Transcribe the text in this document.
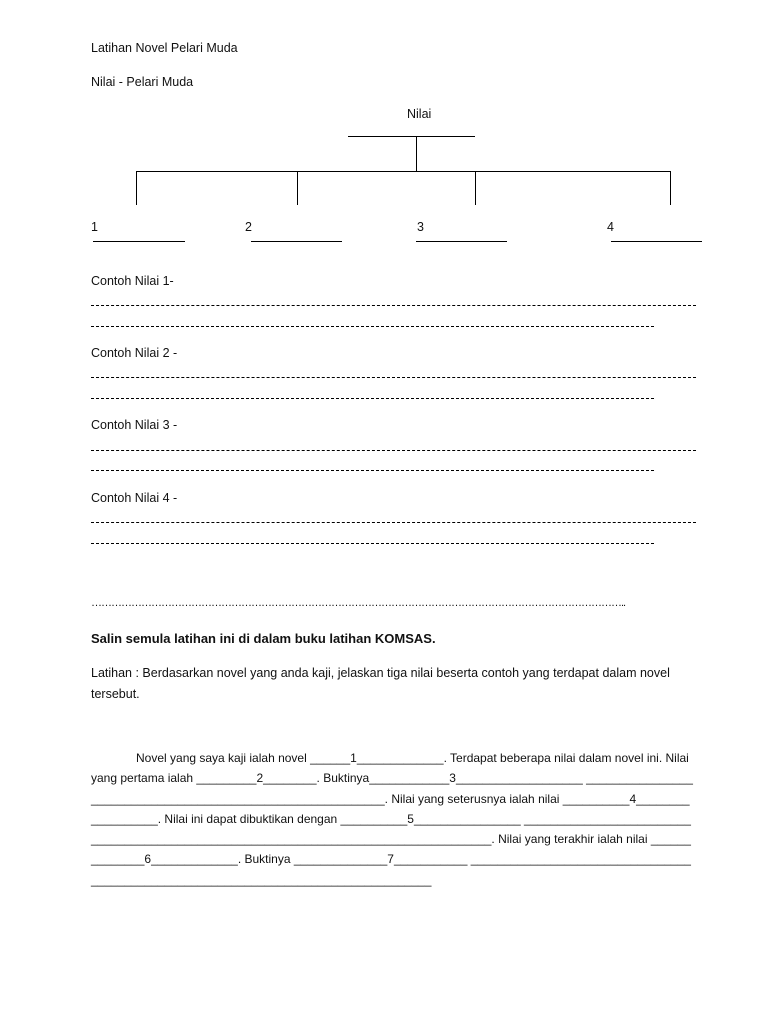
Latihan Novel Pelari Muda
Nilai - Pelari Muda
Nilai
1	2	3	4
Contoh Nilai 1-
Contoh Nilai 2 -
Contoh Nilai 3 -
Contoh Nilai 4 -
……………………………………………………………………………………………………………………………………………..
Salin semula latihan ini di dalam buku latihan KOMSAS.
Latihan : Berdasarkan novel yang anda kaji, jelaskan tiga nilai beserta contoh yang terdapat dalam novel tersebut.
Novel yang saya kaji ialah novel ______1_____________. Terdapat beberapa nilai dalam novel ini. Nilai yang pertama ialah _________2________. Buktinya____________3___________________ ____________________________________________________________. Nilai yang seterusnya ialah nilai __________4__________________. Nilai ini dapat dibuktikan dengan __________5________________ _____________________________________________________________________________________. Nilai yang terakhir ialah nilai ______________6_____________. Buktinya ______________7___________ ____________________________________________________________________________________
